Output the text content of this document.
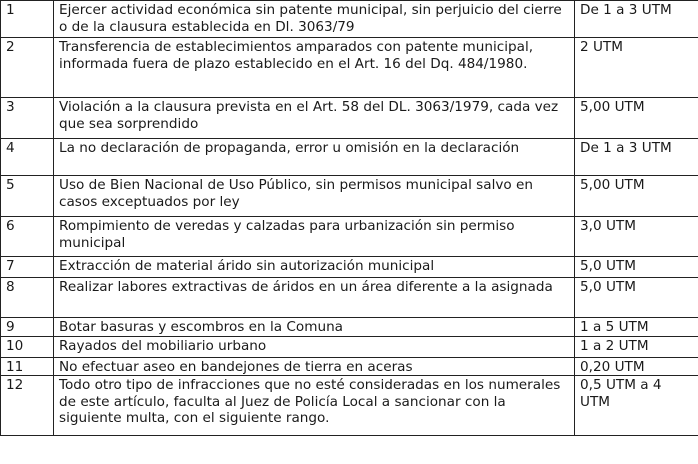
1	Ejercer actividad económica sin patente municipal, sin perjuicio del cierre o de la clausura establecida en Dl. 3063/79	De 1 a 3 UTM
2	Transferencia de establecimientos amparados con patente municipal, informada fuera de plazo establecido en el Art. 16 del Dq. 484/1980.	2 UTM
3	Violación a la clausura prevista en el Art. 58 del DL. 3063/1979, cada vez que sea sorprendido	5,00 UTM
4	La no declaración de propaganda, error u omisión en la declaración	De 1 a 3 UTM
5	Uso de Bien Nacional de Uso Público, sin permisos municipal salvo en casos exceptuados por ley	5,00 UTM
6	Rompimiento de veredas y calzadas para urbanización sin permiso municipal	3,0 UTM
7	Extracción de material árido sin autorización municipal	5,0 UTM
8	Realizar labores extractivas de áridos en un área diferente a la asignada	5,0 UTM
9	Botar basuras y escombros en la Comuna	1 a 5 UTM
10	Rayados del mobiliario urbano	1 a 2 UTM
11	No efectuar aseo en bandejones de tierra en aceras	0,20 UTM
12	Todo otro tipo de infracciones que no esté consideradas en los numerales de este artículo, faculta al Juez de Policía Local a sancionar con la siguiente multa, con el siguiente rango.	0,5 UTM a 4 UTM
